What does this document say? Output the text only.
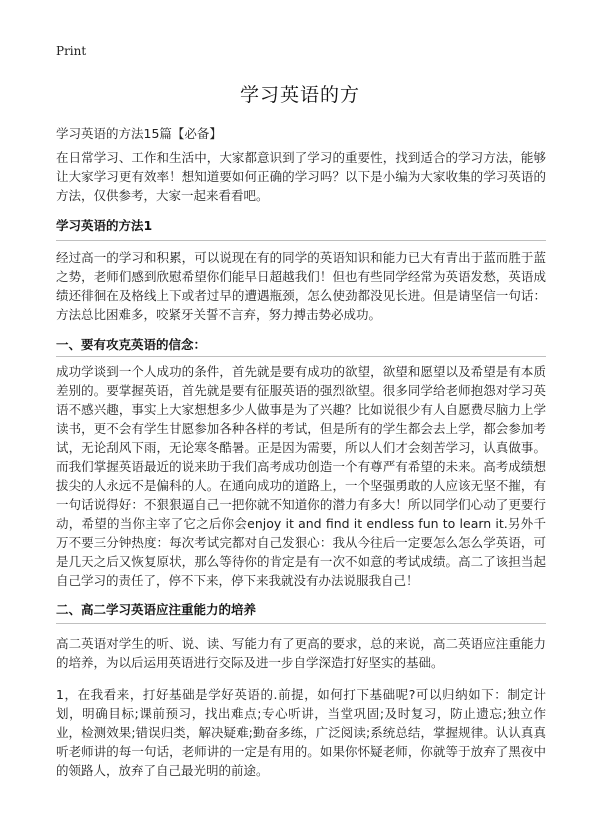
Print
学习英语的方
学习英语的方法15篇【必备】
在日常学习、工作和生活中，大家都意识到了学习的重要性，找到适合的学习方法，能够让大家学习更有效率！想知道要如何正确的学习吗？以下是小编为大家收集的学习英语的方法，仅供参考，大家一起来看看吧。
学习英语的方法1
经过高一的学习和积累，可以说现在有的同学的英语知识和能力已大有青出于蓝而胜于蓝之势，老师们感到欣慰希望你们能早日超越我们！但也有些同学经常为英语发愁，英语成绩还徘徊在及格线上下或者过早的遭遇瓶颈，怎么使劲都没见长进。但是请坚信一句话：方法总比困难多，咬紧牙关誓不言弃，努力搏击势必成功。
一、要有攻克英语的信念：
成功学谈到一个人成功的条件，首先就是要有成功的欲望，欲望和愿望以及希望是有本质差别的。要掌握英语，首先就是要有征服英语的强烈欲望。很多同学给老师抱怨对学习英语不感兴趣，事实上大家想想多少人做事是为了兴趣？比如说很少有人自愿费尽脑力上学读书，更不会有学生甘愿参加各种各样的考试，但是所有的学生都会去上学，都会参加考试，无论刮风下雨，无论寒冬酷暑。正是因为需要，所以人们才会刻苦学习，认真做事。而我们掌握英语最近的说来助于我们高考成功创造一个有尊严有希望的未来。高考成绩想拔尖的人永远不是偏科的人。在通向成功的道路上，一个坚强勇敢的人应该无坚不摧，有一句话说得好：不狠狠逼自己一把你就不知道你的潜力有多大！所以同学们心动了更要行动，希望的当你主宰了它之后你会enjoy it and find it endless fun to learn it.另外千万不要三分钟热度：每次考试完都对自己发狠心：我从今往后一定要怎么怎么学英语，可是几天之后又恢复原状，那么等待你的肯定是有一次不如意的考试成绩。高二了该担当起自己学习的责任了，停不下来，停下来我就没有办法说服我自己！
二、高二学习英语应注重能力的培养
高二英语对学生的听、说、读、写能力有了更高的要求，总的来说，高二英语应注重能力的培养，为以后运用英语进行交际及进一步自学深造打好坚实的基础。
1，在我看来，打好基础是学好英语的.前提，如何打下基础呢?可以归纳如下：制定计划，明确目标;课前预习，找出难点;专心听讲，当堂巩固;及时复习，防止遗忘;独立作业，检测效果;错误归类，解决疑难;勤奋多练，广泛阅读;系统总结，掌握规律。认认真真听老师讲的每一句话，老师讲的一定是有用的。如果你怀疑老师，你就等于放弃了黑夜中的领路人，放弃了自己最光明的前途。
